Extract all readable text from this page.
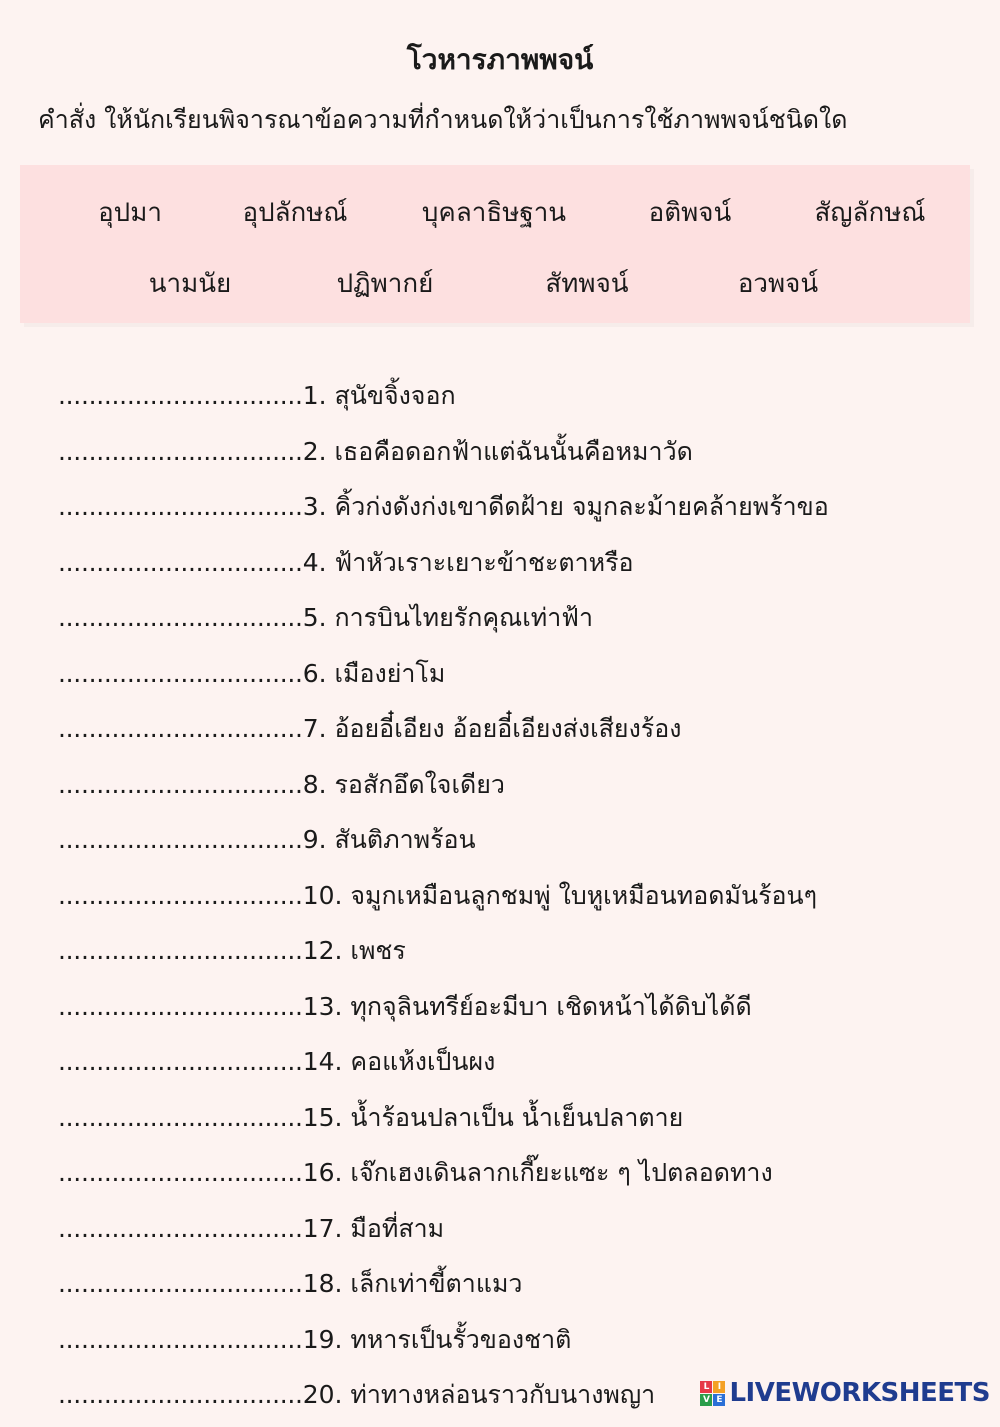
โวหารภาพพจน์
คำสั่ง ให้นักเรียนพิจารณาข้อความที่กำหนดให้ว่าเป็นการใช้ภาพพจน์ชนิดใด
อุปมา	อุปลักษณ์	บุคลาธิษฐาน	อติพจน์	สัญลักษณ์
นามนัย	ปฏิพากย์	สัทพจน์	อวพจน์
................................ 1. สุนัขจิ้งจอก
................................ 2. เธอคือดอกฟ้าแต่ฉันนั้นคือหมาวัด
................................ 3. คิ้วก่งดังก่งเขาดีดฝ้าย จมูกละม้ายคล้ายพร้าขอ
................................ 4. ฟ้าหัวเราะเยาะข้าชะตาหรือ
................................ 5. การบินไทยรักคุณเท่าฟ้า
................................ 6. เมืองย่าโม
................................ 7. อ้อยอี๋เอียง อ้อยอี๋เอียงส่งเสียงร้อง
................................ 8. รอสักอึดใจเดียว
................................ 9. สันติภาพร้อน
................................ 10. จมูกเหมือนลูกชมพู่ ใบหูเหมือนทอดมันร้อนๆ
................................ 12. เพชร
................................ 13. ทุกจุลินทรีย์อะมีบา เชิดหน้าได้ดิบได้ดี
................................ 14. คอแห้งเป็นผง
................................ 15. น้ำร้อนปลาเป็น น้ำเย็นปลาตาย
................................ 16. เจ๊กเฮงเดินลากเกี๊ยะแซะ ๆ ไปตลอดทาง
................................ 17. มือที่สาม
................................ 18. เล็กเท่าขี้ตาแมว
................................ 19. ทหารเป็นรั้วของชาติ
................................ 20. ท่าทางหล่อนราวกับนางพญา	L I
V E LIVEWORKSHEETS
